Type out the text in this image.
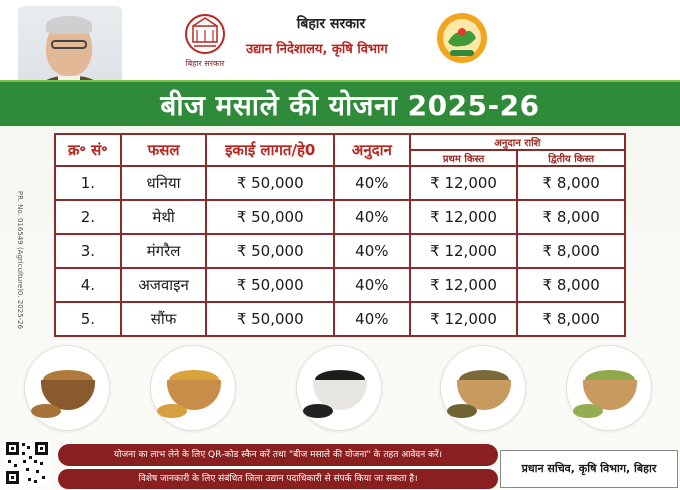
बिहार सरकार
बिहार सरकार
उद्यान निदेशालय, कृषि विभाग
बीज मसाले की योजना 2025-26
PR. No. 016549 (Agriculture)0. 2025-26
क्र॰ सं॰	फसल	इकाई लागत/हे0	अनुदान	अनुदान राशि	
				प्रथम किस्त	द्वितीय किस्त
1.	धनिया	₹ 50,000	40%	₹ 12,000	₹ 8,000
2.	मेथी	₹ 50,000	40%	₹ 12,000	₹ 8,000
3.	मंगरैल	₹ 50,000	40%	₹ 12,000	₹ 8,000
4.	अजवाइन	₹ 50,000	40%	₹ 12,000	₹ 8,000
5.	सौंफ	₹ 50,000	40%	₹ 12,000	₹ 8,000
योजना का लाभ लेने के लिए QR-कोड स्कैन करें तथा "बीज मसाले की योजना" के तहत आवेदन करें।
विशेष जानकारी के लिए संबंधित जिला उद्यान पदाधिकारी से संपर्क किया जा सकता है।
प्रधान सचिव, कृषि विभाग, बिहार
